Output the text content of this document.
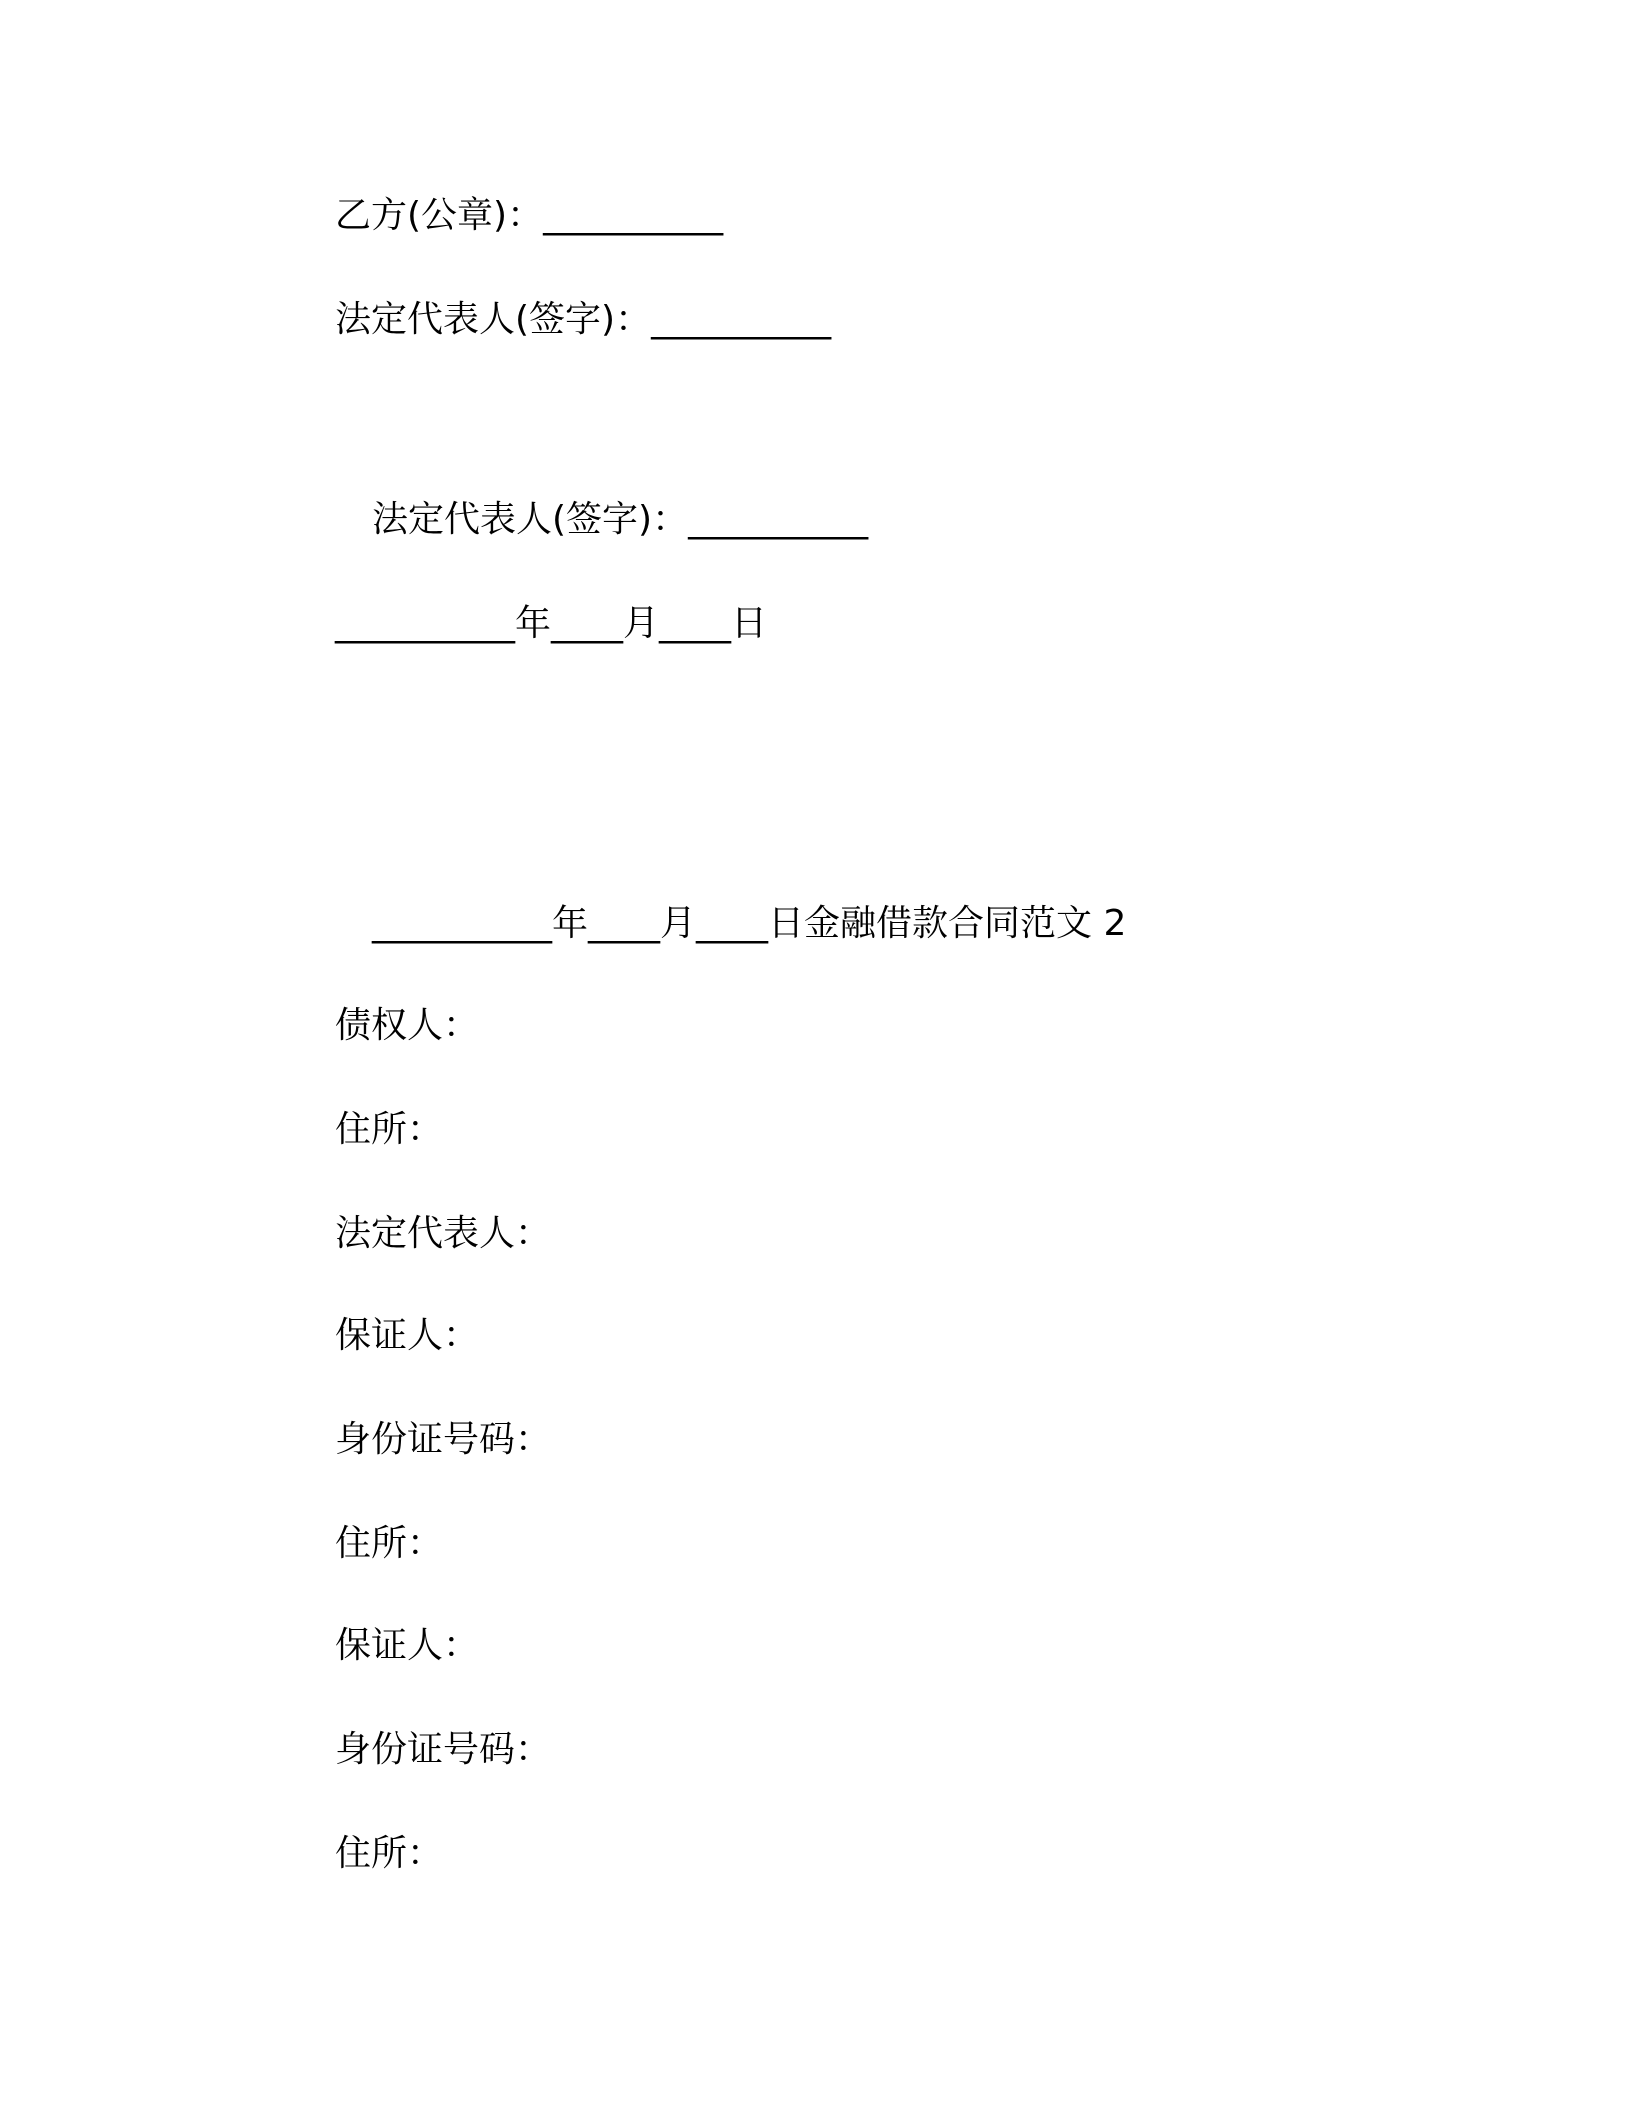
乙方(公章)：__________
法定代表人(签字)：__________
法定代表人(签字)：__________
__________年____月____日
__________年____月____日金融借款合同范文 2
债权人：
住所：
法定代表人：
保证人：
身份证号码：
住所：
保证人：
身份证号码：
住所：
